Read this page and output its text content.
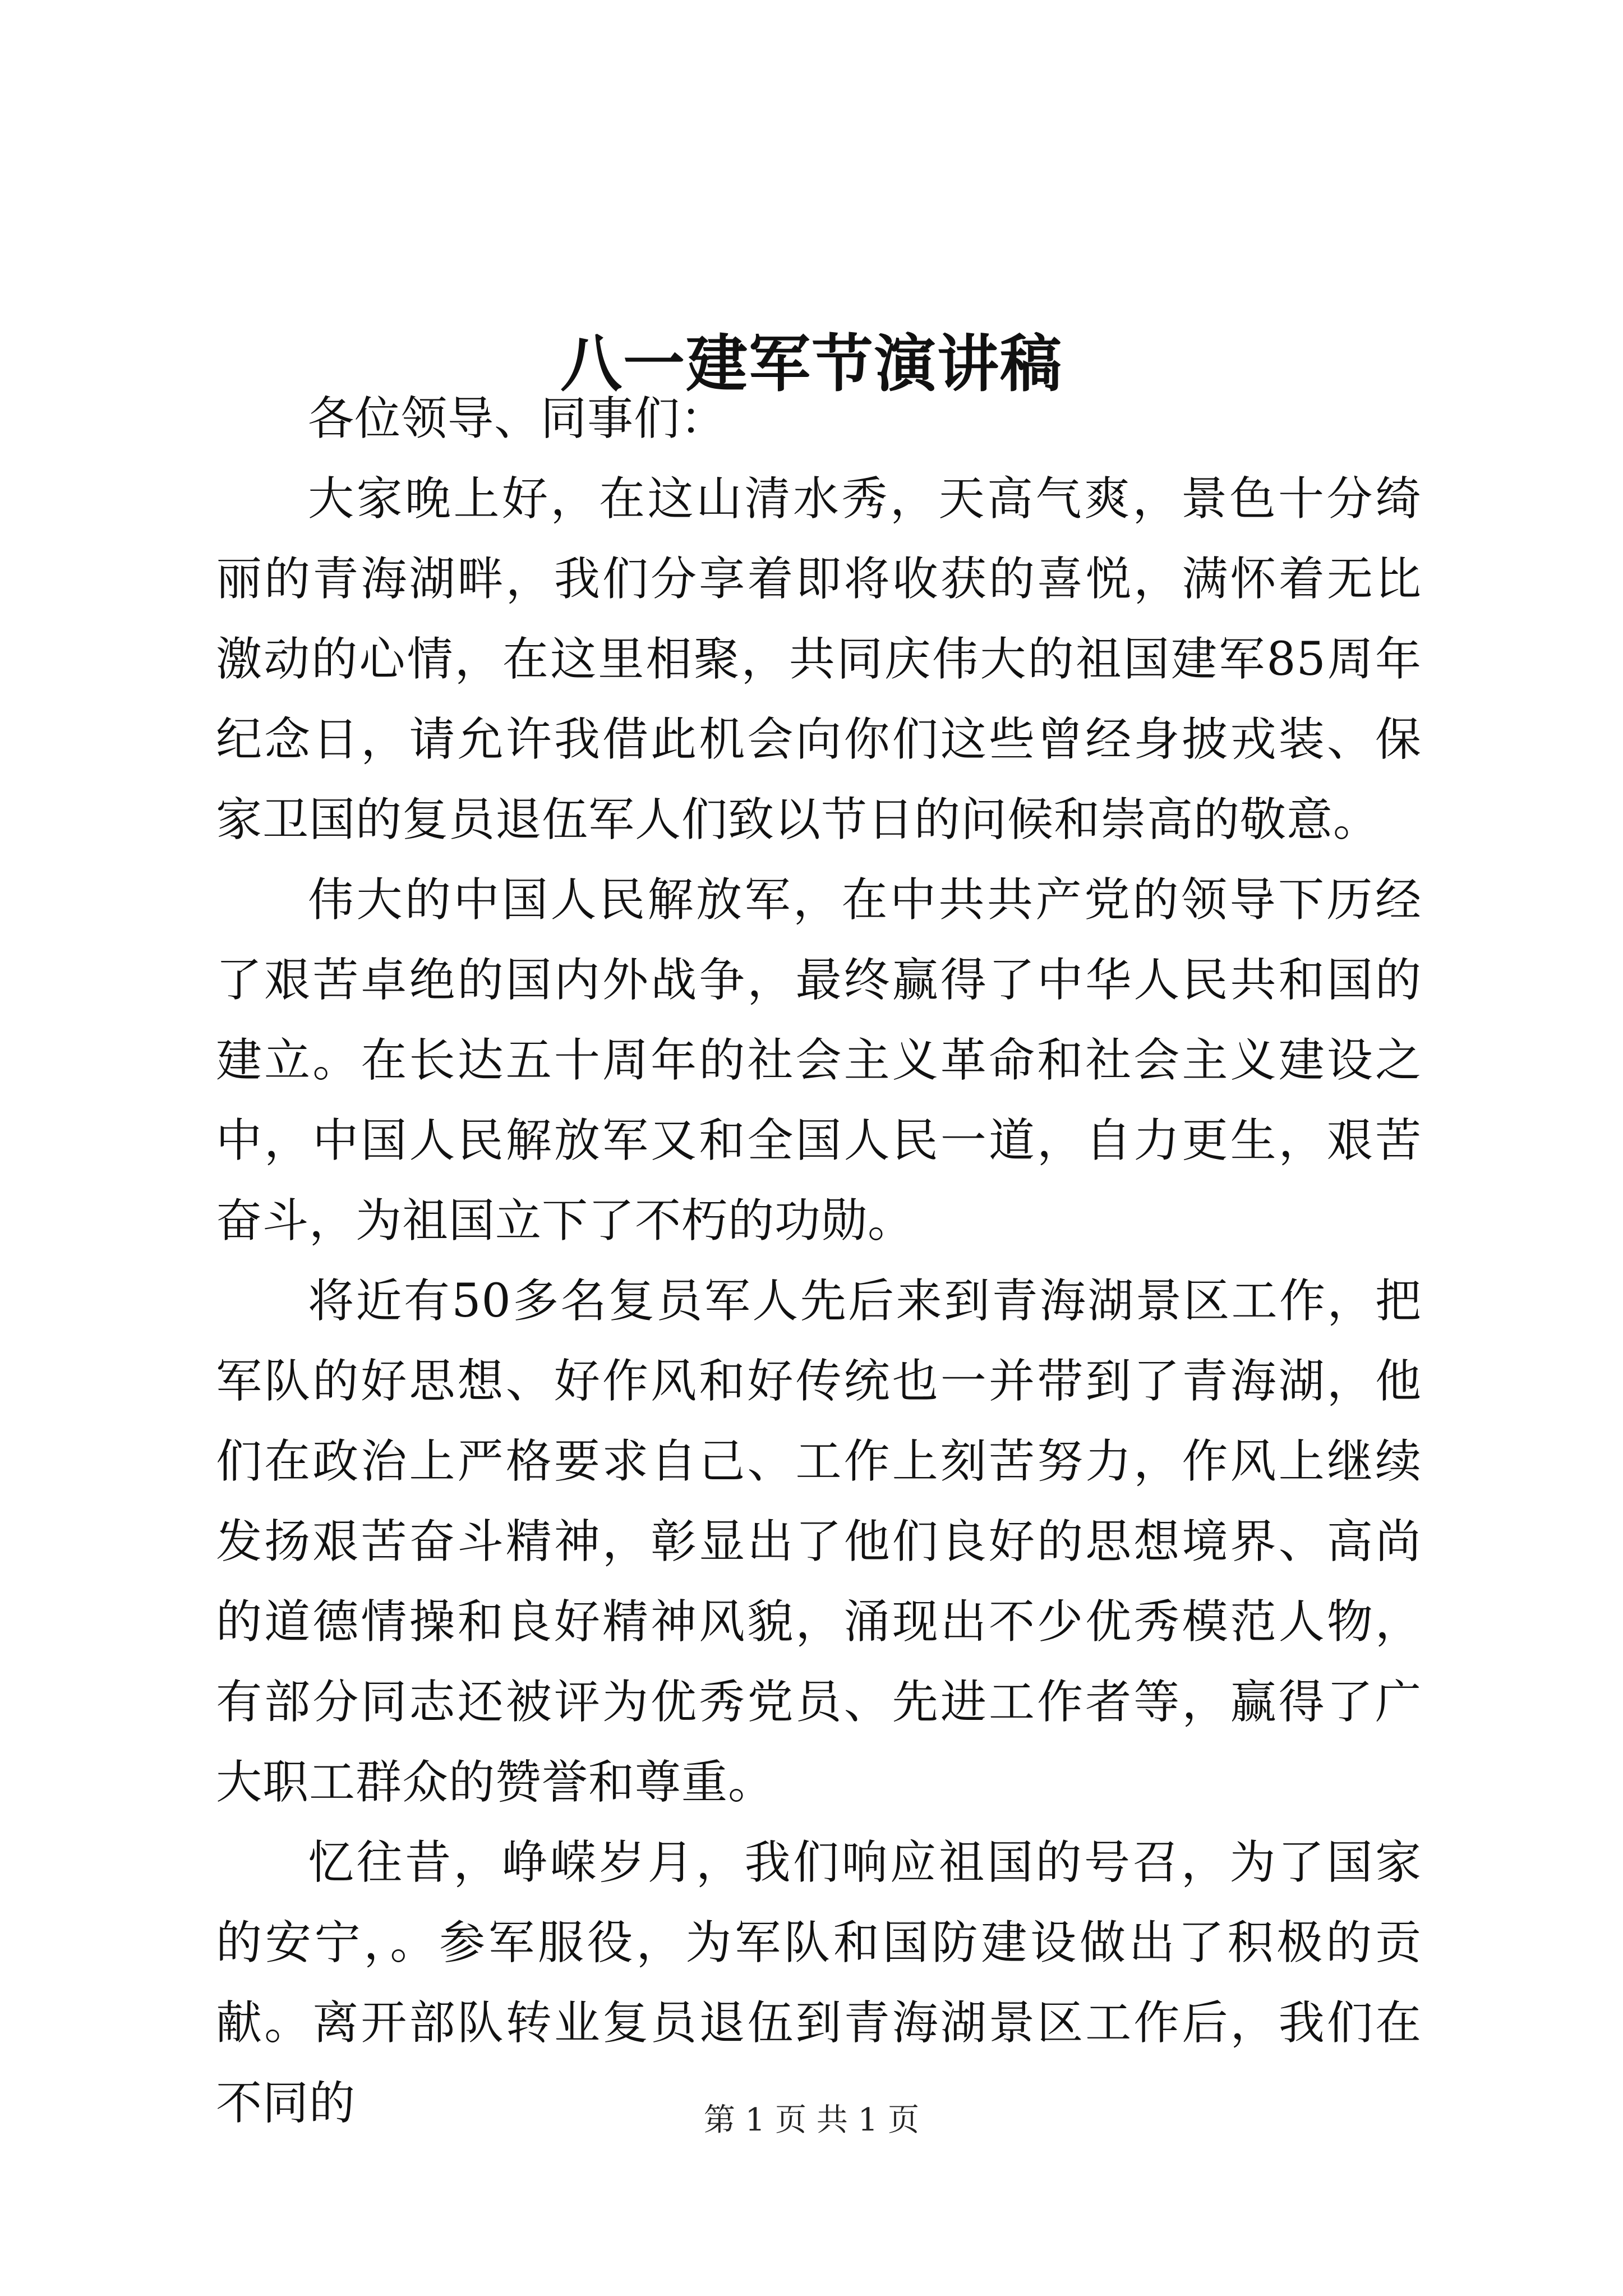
八一建军节演讲稿

各位领导、同事们：

大家晚上好，在这山清水秀，天高气爽，景色十分绮丽的青海湖畔，我们分享着即将收获的喜悦，满怀着无比激动的心情，在这里相聚，共同庆伟大的祖国建军85周年纪念日，请允许我借此机会向你们这些曾经身披戎装、保家卫国的复员退伍军人们致以节日的问候和崇高的敬意。

伟大的中国人民解放军，在中共共产党的领导下历经了艰苦卓绝的国内外战争，最终赢得了中华人民共和国的建立。在长达五十周年的社会主义革命和社会主义建设之中，中国人民解放军又和全国人民一道，自力更生，艰苦奋斗，为祖国立下了不朽的功勋。

将近有50多名复员军人先后来到青海湖景区工作，把军队的好思想、好作风和好传统也一并带到了青海湖，他们在政治上严格要求自己、工作上刻苦努力，作风上继续发扬艰苦奋斗精神，彰显出了他们良好的思想境界、高尚的道德情操和良好精神风貌，涌现出不少优秀模范人物，有部分同志还被评为优秀党员、先进工作者等，赢得了广大职工群众的赞誉和尊重。

忆往昔，峥嵘岁月，我们响应祖国的号召，为了国家的安宁，。参军服役，为军队和国防建设做出了积极的贡献。离开部队转业复员退伍到青海湖景区工作后，我们在不同的	第 1 页 共 1 页
